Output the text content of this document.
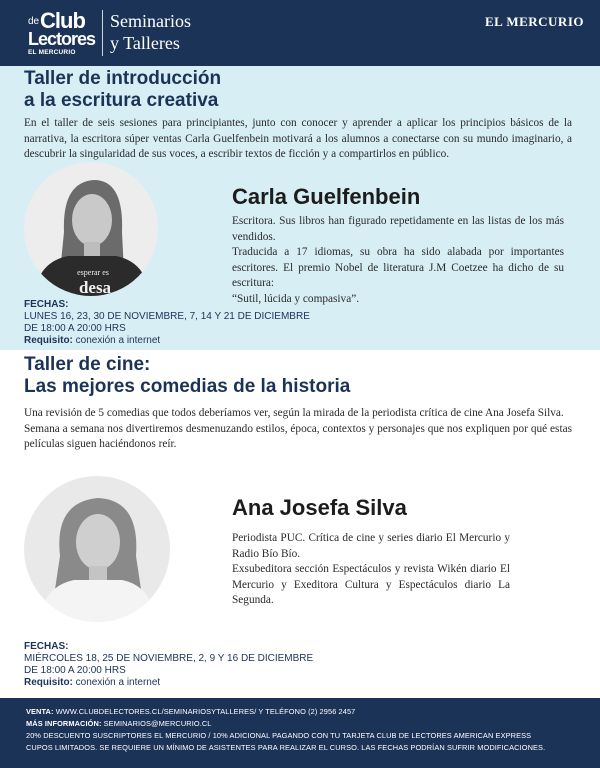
de Club
Lectores
EL MERCURIO
Seminarios
y Talleres
EL MERCURIO
Taller de introducción
a la escritura creativa
En el taller de seis sesiones para principiantes, junto con conocer y aprender a aplicar los principios básicos de la narrativa, la escritora súper ventas Carla Guelfenbein motivará a los alumnos a conectarse con su mundo imaginario, a descubrir la singularidad de sus voces, a escribir textos de ficción y a compartirlos en público.
esperar es
desa
Carla Guelfenbein

Escritora. Sus libros han figurado repetidamente en las listas de los más vendidos.

Traducida a 17 idiomas, su obra ha sido alabada por importantes escritores. El premio Nobel de literatura J.M Coetzee ha dicho de su escritura:

“Sutil, lúcida y compasiva”.

FECHAS:
LUNES 16, 23, 30 DE NOVIEMBRE, 7, 14 Y 21 DE DICIEMBRE
DE 18:00 A 20:00 HRS
Requisito: conexión a internet
Taller de cine:
Las mejores comedias de la historia
Una revisión de 5 comedias que todos deberíamos ver, según la mirada de la periodista crítica de cine Ana Josefa Silva.
Semana a semana nos divertiremos desmenuzando estilos, época, contextos y personajes que nos expliquen por qué estas películas siguen haciéndonos reír.
Ana Josefa Silva

Periodista PUC. Crítica de cine y series diario El Mercurio y Radio Bío Bío.

Exsubeditora sección Espectáculos y revista Wikén diario El Mercurio y Exeditora Cultura y Espectáculos diario La Segunda.

FECHAS:
MIÉRCOLES 18, 25 DE NOVIEMBRE, 2, 9 Y 16 DE DICIEMBRE
DE 18:00 A 20:00 HRS
Requisito: conexión a internet
VENTA: WWW.CLUBDELECTORES.CL/SEMINARIOSYTALLERES/ Y TELÉFONO (2) 2956 2457
MÁS INFORMACIÓN: SEMINARIOS@MERCURIO.CL
20% DESCUENTO SUSCRIPTORES EL MERCURIO / 10% ADICIONAL PAGANDO CON TU TARJETA CLUB DE LECTORES AMERICAN EXPRESS
CUPOS LIMITADOS. SE REQUIERE UN MÍNIMO DE ASISTENTES PARA REALIZAR EL CURSO. LAS FECHAS PODRÍAN SUFRIR MODIFICACIONES.
